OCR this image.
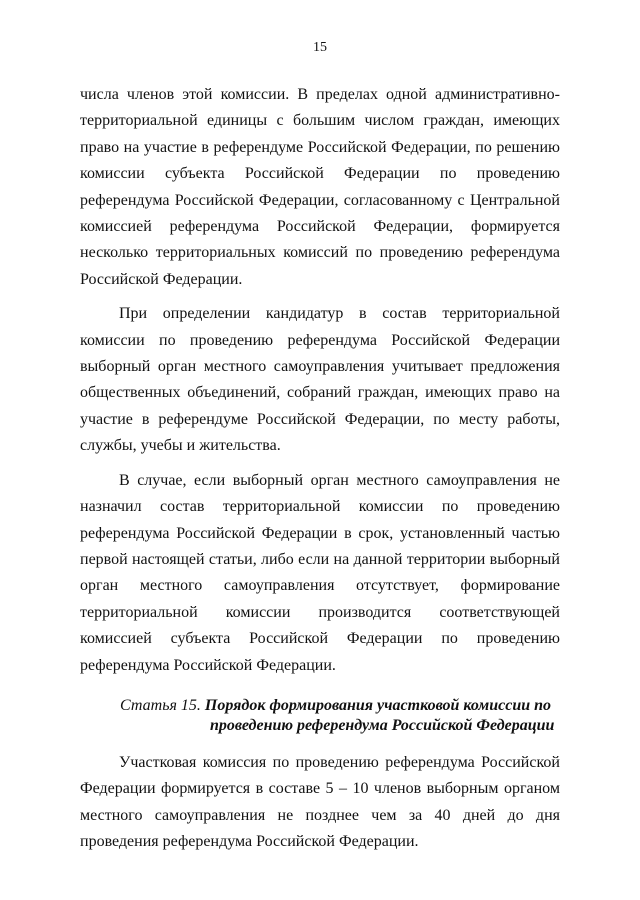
15

числа членов этой комиссии. В пределах одной административно-территориальной единицы с большим числом граждан, имеющих право на участие в референдуме Российской Федерации, по решению комиссии субъекта Российской Федерации по проведению референдума Российской Федерации, согласованному с Центральной комиссией референдума Российской Федерации, формируется несколько территориальных комиссий по проведению референдума Российской Федерации.

При определении кандидатур в состав территориальной комиссии по проведению референдума Российской Федерации выборный орган местного самоуправления учитывает предложения общественных объединений, собраний граждан, имеющих право на участие в референдуме Российской Федерации, по месту работы, службы, учебы и жительства.

В случае, если выборный орган местного самоуправления не назначил состав территориальной комиссии по проведению референдума Российской Федерации в срок, установленный частью первой настоящей статьи, либо если на данной территории выборный орган местного самоуправления отсутствует, формирование территориальной комиссии производится соответствующей комиссией субъекта Российской Федерации по проведению референдума Российской Федерации.

Статья 15. Порядок формирования участковой комиссии по
проведению референдума Российской Федерации

Участковая комиссия по проведению референдума Российской Федерации формируется в составе 5 – 10 членов выборным органом местного самоуправления не позднее чем за 40 дней до дня проведения референдума Российской Федерации.
